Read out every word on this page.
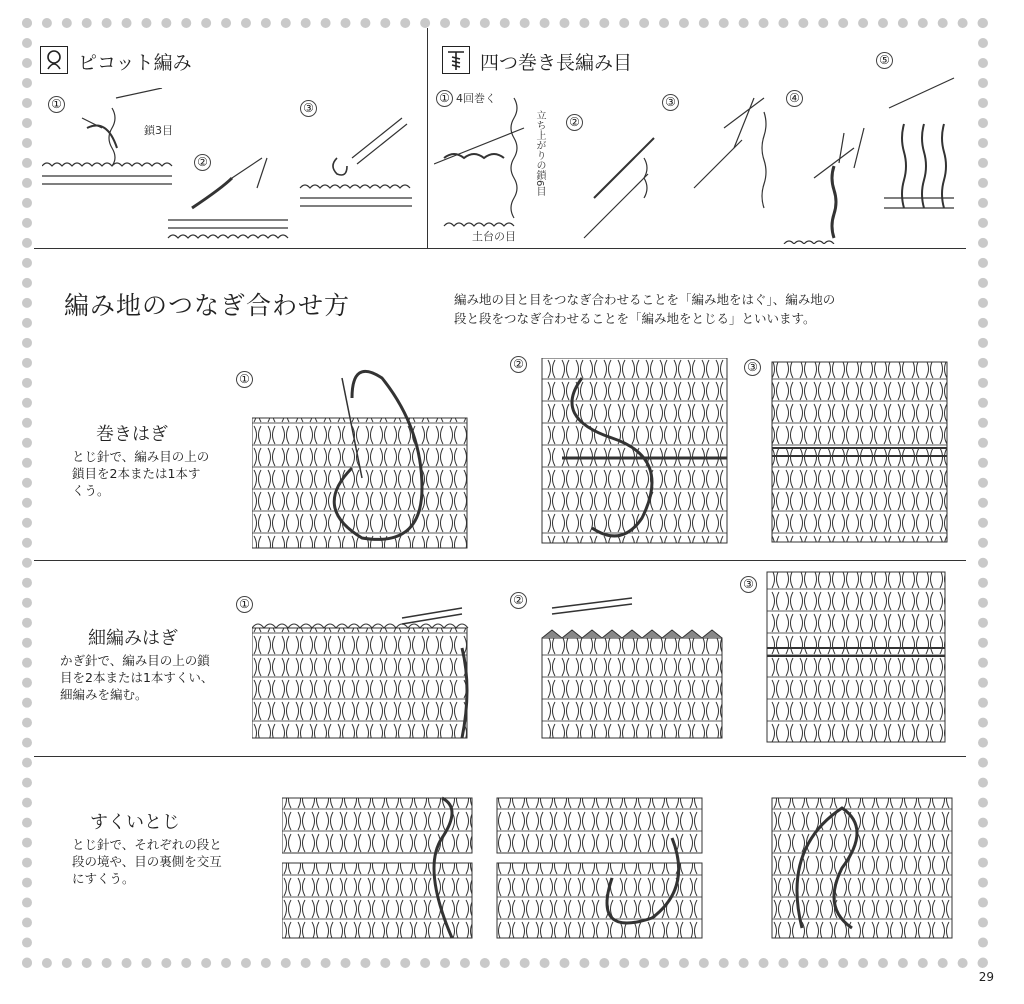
ピコット編み
①
②
③
鎖3目
四つ巻き長編み目
① 4回巻く
②
③	④
⑤
立ち上がりの鎖6目
土台の目
編み地のつなぎ合わせ方	編み地の目と目をつなぎ合わせることを「編み地をはぐ」、編み地の
段と段をつなぎ合わせることを「編み地をとじる」といいます。
巻きはぎ
とじ針で、編み目の上の鎖目を2本または1本すくう。
①
②	③
細編みはぎ
かぎ針で、編み目の上の鎖目を2本または1本すくい、細編みを編む。
①	②
③
すくいとじ
とじ針で、それぞれの段と段の境や、目の裏側を交互にすくう。
29
